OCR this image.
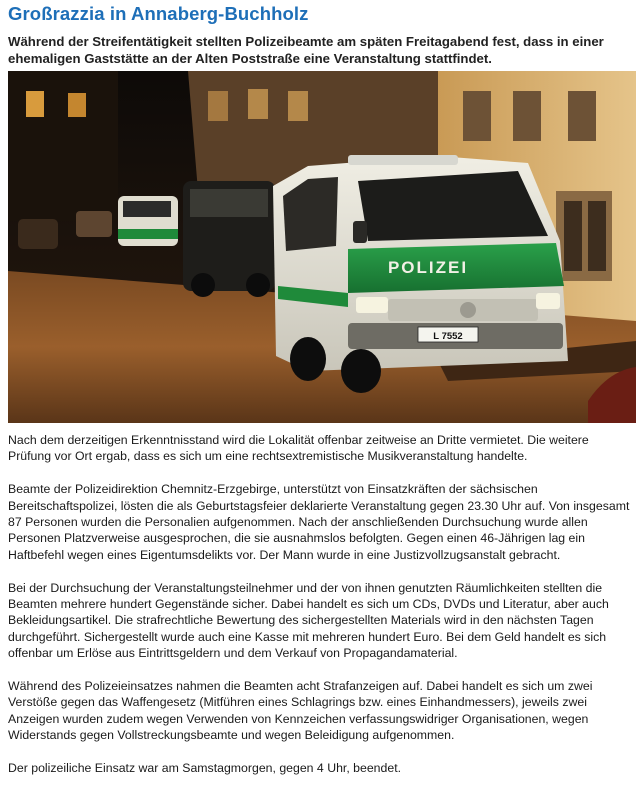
Großrazzia in Annaberg-Buchholz

Während der Streifentätigkeit stellten Polizeibeamte am späten Freitagabend fest, dass in einer ehemaligen Gaststätte an der Alten Poststraße eine Veranstaltung stattfindet.

POLIZEI
L 7552

Nach dem derzeitigen Erkenntnisstand wird die Lokalität offenbar zeitweise an Dritte vermietet. Die weitere Prüfung vor Ort ergab, dass es sich um eine rechtsextremistische Musikveranstaltung handelte.

Beamte der Polizeidirektion Chemnitz-Erzgebirge, unterstützt von Einsatzkräften der sächsischen Bereitschaftspolizei, lösten die als Geburtstagsfeier deklarierte Veranstaltung gegen 23.30 Uhr auf. Von insgesamt 87 Personen wurden die Personalien aufgenommen. Nach der anschließenden Durchsuchung wurde allen Personen Platzverweise ausgesprochen, die sie ausnahmslos befolgten. Gegen einen 46-Jährigen lag ein Haftbefehl wegen eines Eigentumsdelikts vor. Der Mann wurde in eine Justizvollzugsanstalt gebracht.

Bei der Durchsuchung der Veranstaltungsteilnehmer und der von ihnen genutzten Räumlichkeiten stellten die Beamten mehrere hundert Gegenstände sicher. Dabei handelt es sich um CDs, DVDs und Literatur, aber auch Bekleidungsartikel. Die strafrechtliche Bewertung des sichergestellten Materials wird in den nächsten Tagen durchgeführt. Sichergestellt wurde auch eine Kasse mit mehreren hundert Euro. Bei dem Geld handelt es sich offenbar um Erlöse aus Eintrittsgeldern und dem Verkauf von Propagandamaterial.

Während des Polizeieinsatzes nahmen die Beamten acht Strafanzeigen auf. Dabei handelt es sich um zwei Verstöße gegen das Waffengesetz (Mitführen eines Schlagrings bzw. eines Einhandmessers), jeweils zwei Anzeigen wurden zudem wegen Verwenden von Kennzeichen verfassungswidriger Organisationen, wegen Widerstands gegen Vollstreckungsbeamte und wegen Beleidigung aufgenommen.

Der polizeiliche Einsatz war am Samstagmorgen, gegen 4 Uhr, beendet.
